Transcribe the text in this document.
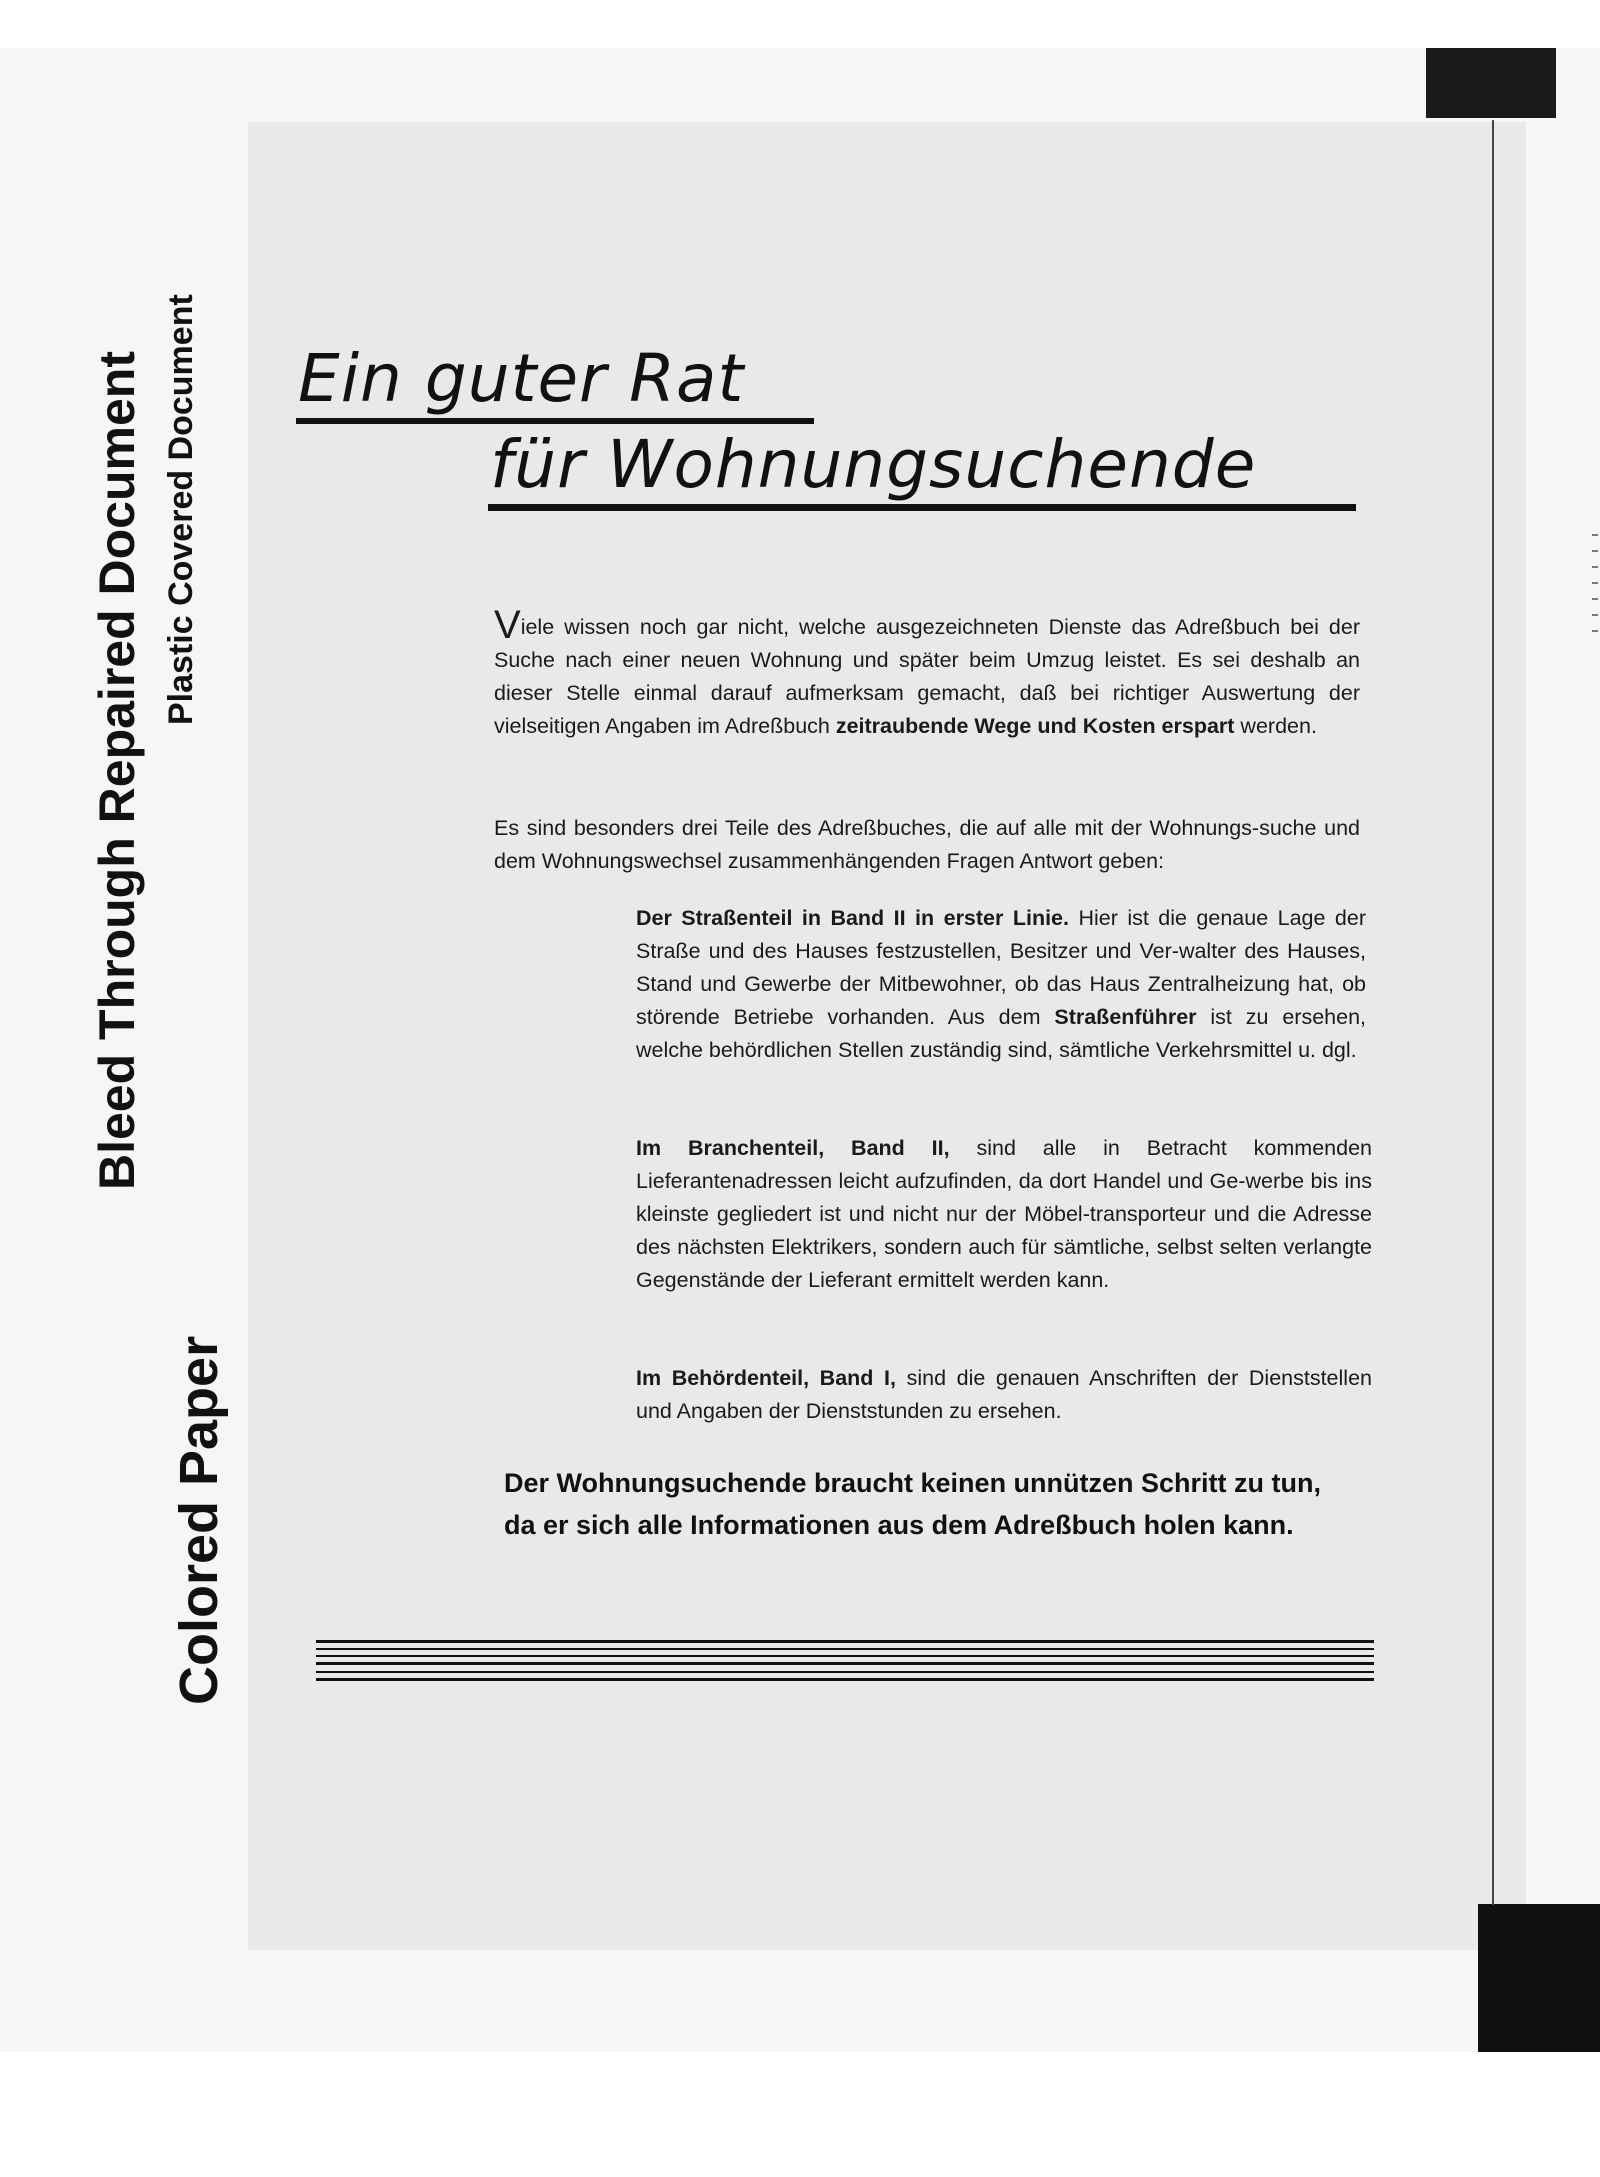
Bleed Through Repaired Document Plastic Covered Document
Colored Paper
Ein guter Rat
für Wohnungsuchende
Viele wissen noch gar nicht, welche ausgezeichneten Dienste das Adreßbuch bei der Suche nach einer neuen Wohnung und später beim Umzug leistet. Es sei deshalb an dieser Stelle einmal darauf aufmerksam gemacht, daß bei richtiger Auswertung der vielseitigen Angaben im Adreßbuch zeitraubende Wege und Kosten erspart werden.
Es sind besonders drei Teile des Adreßbuches, die auf alle mit der Wohnungs-suche und dem Wohnungswechsel zusammenhängenden Fragen Antwort geben:
Der Straßenteil in Band II in erster Linie. Hier ist die genaue Lage der Straße und des Hauses festzustellen, Besitzer und Ver-walter des Hauses, Stand und Gewerbe der Mitbewohner, ob das Haus Zentralheizung hat, ob störende Betriebe vorhanden. Aus dem Straßenführer ist zu ersehen, welche behördlichen Stellen zuständig sind, sämtliche Verkehrsmittel u. dgl.
Im Branchenteil, Band II, sind alle in Betracht kommenden Lieferantenadressen leicht aufzufinden, da dort Handel und Ge-werbe bis ins kleinste gegliedert ist und nicht nur der Möbel-transporteur und die Adresse des nächsten Elektrikers, sondern auch für sämtliche, selbst selten verlangte Gegenstände der Lieferant ermittelt werden kann.
Im Behördenteil, Band I, sind die genauen Anschriften der Dienststellen und Angaben der Dienststunden zu ersehen.
Der Wohnungsuchende braucht keinen unnützen Schritt zu tun,
da er sich alle Informationen aus dem Adreßbuch holen kann.
